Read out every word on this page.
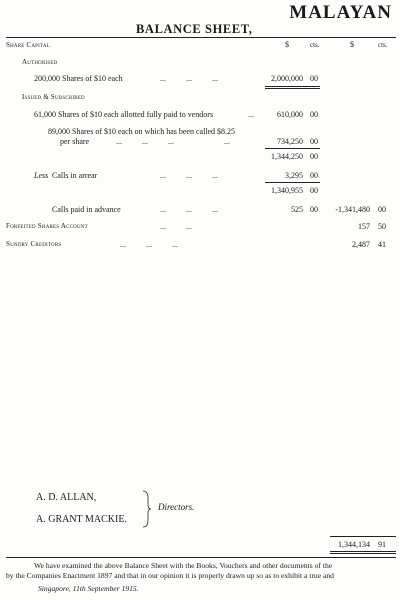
MALAYAN
BALANCE SHEET,
$	cts.	$	cts.
Share Capital
Authorised
200,000 Shares of $10 each	...          ...          ...	2,000,000 00
Issued & Subscribed
61,000 Shares of $10 each allotted fully paid to vendors	...	610,000 00
89,000 Shares of $10 each on which has been called $8.25
per share	...          ...          ...	...	734,250 00
1,344,250 00
Less Calls in arrear	...          ...          ...	3,295 00
1,340,955 00
Calls paid in advance	...          ...          ...	525 00	-1,341,480 00
Forfeited Shares Account	...          ...	157 50
Sundry Creditors	...          ...          ...	2,487 41
A. D. ALLAN,
A. GRANT MACKIE.
Directors.
1,344,134 91
We have examined the above Balance Sheet with the Books, Vouchers and other documents of the
by the Companies Enactment 1897 and that in our opinion it is properly drawn up so as to exhibit a true and
Singapore, 11th September 1915.
